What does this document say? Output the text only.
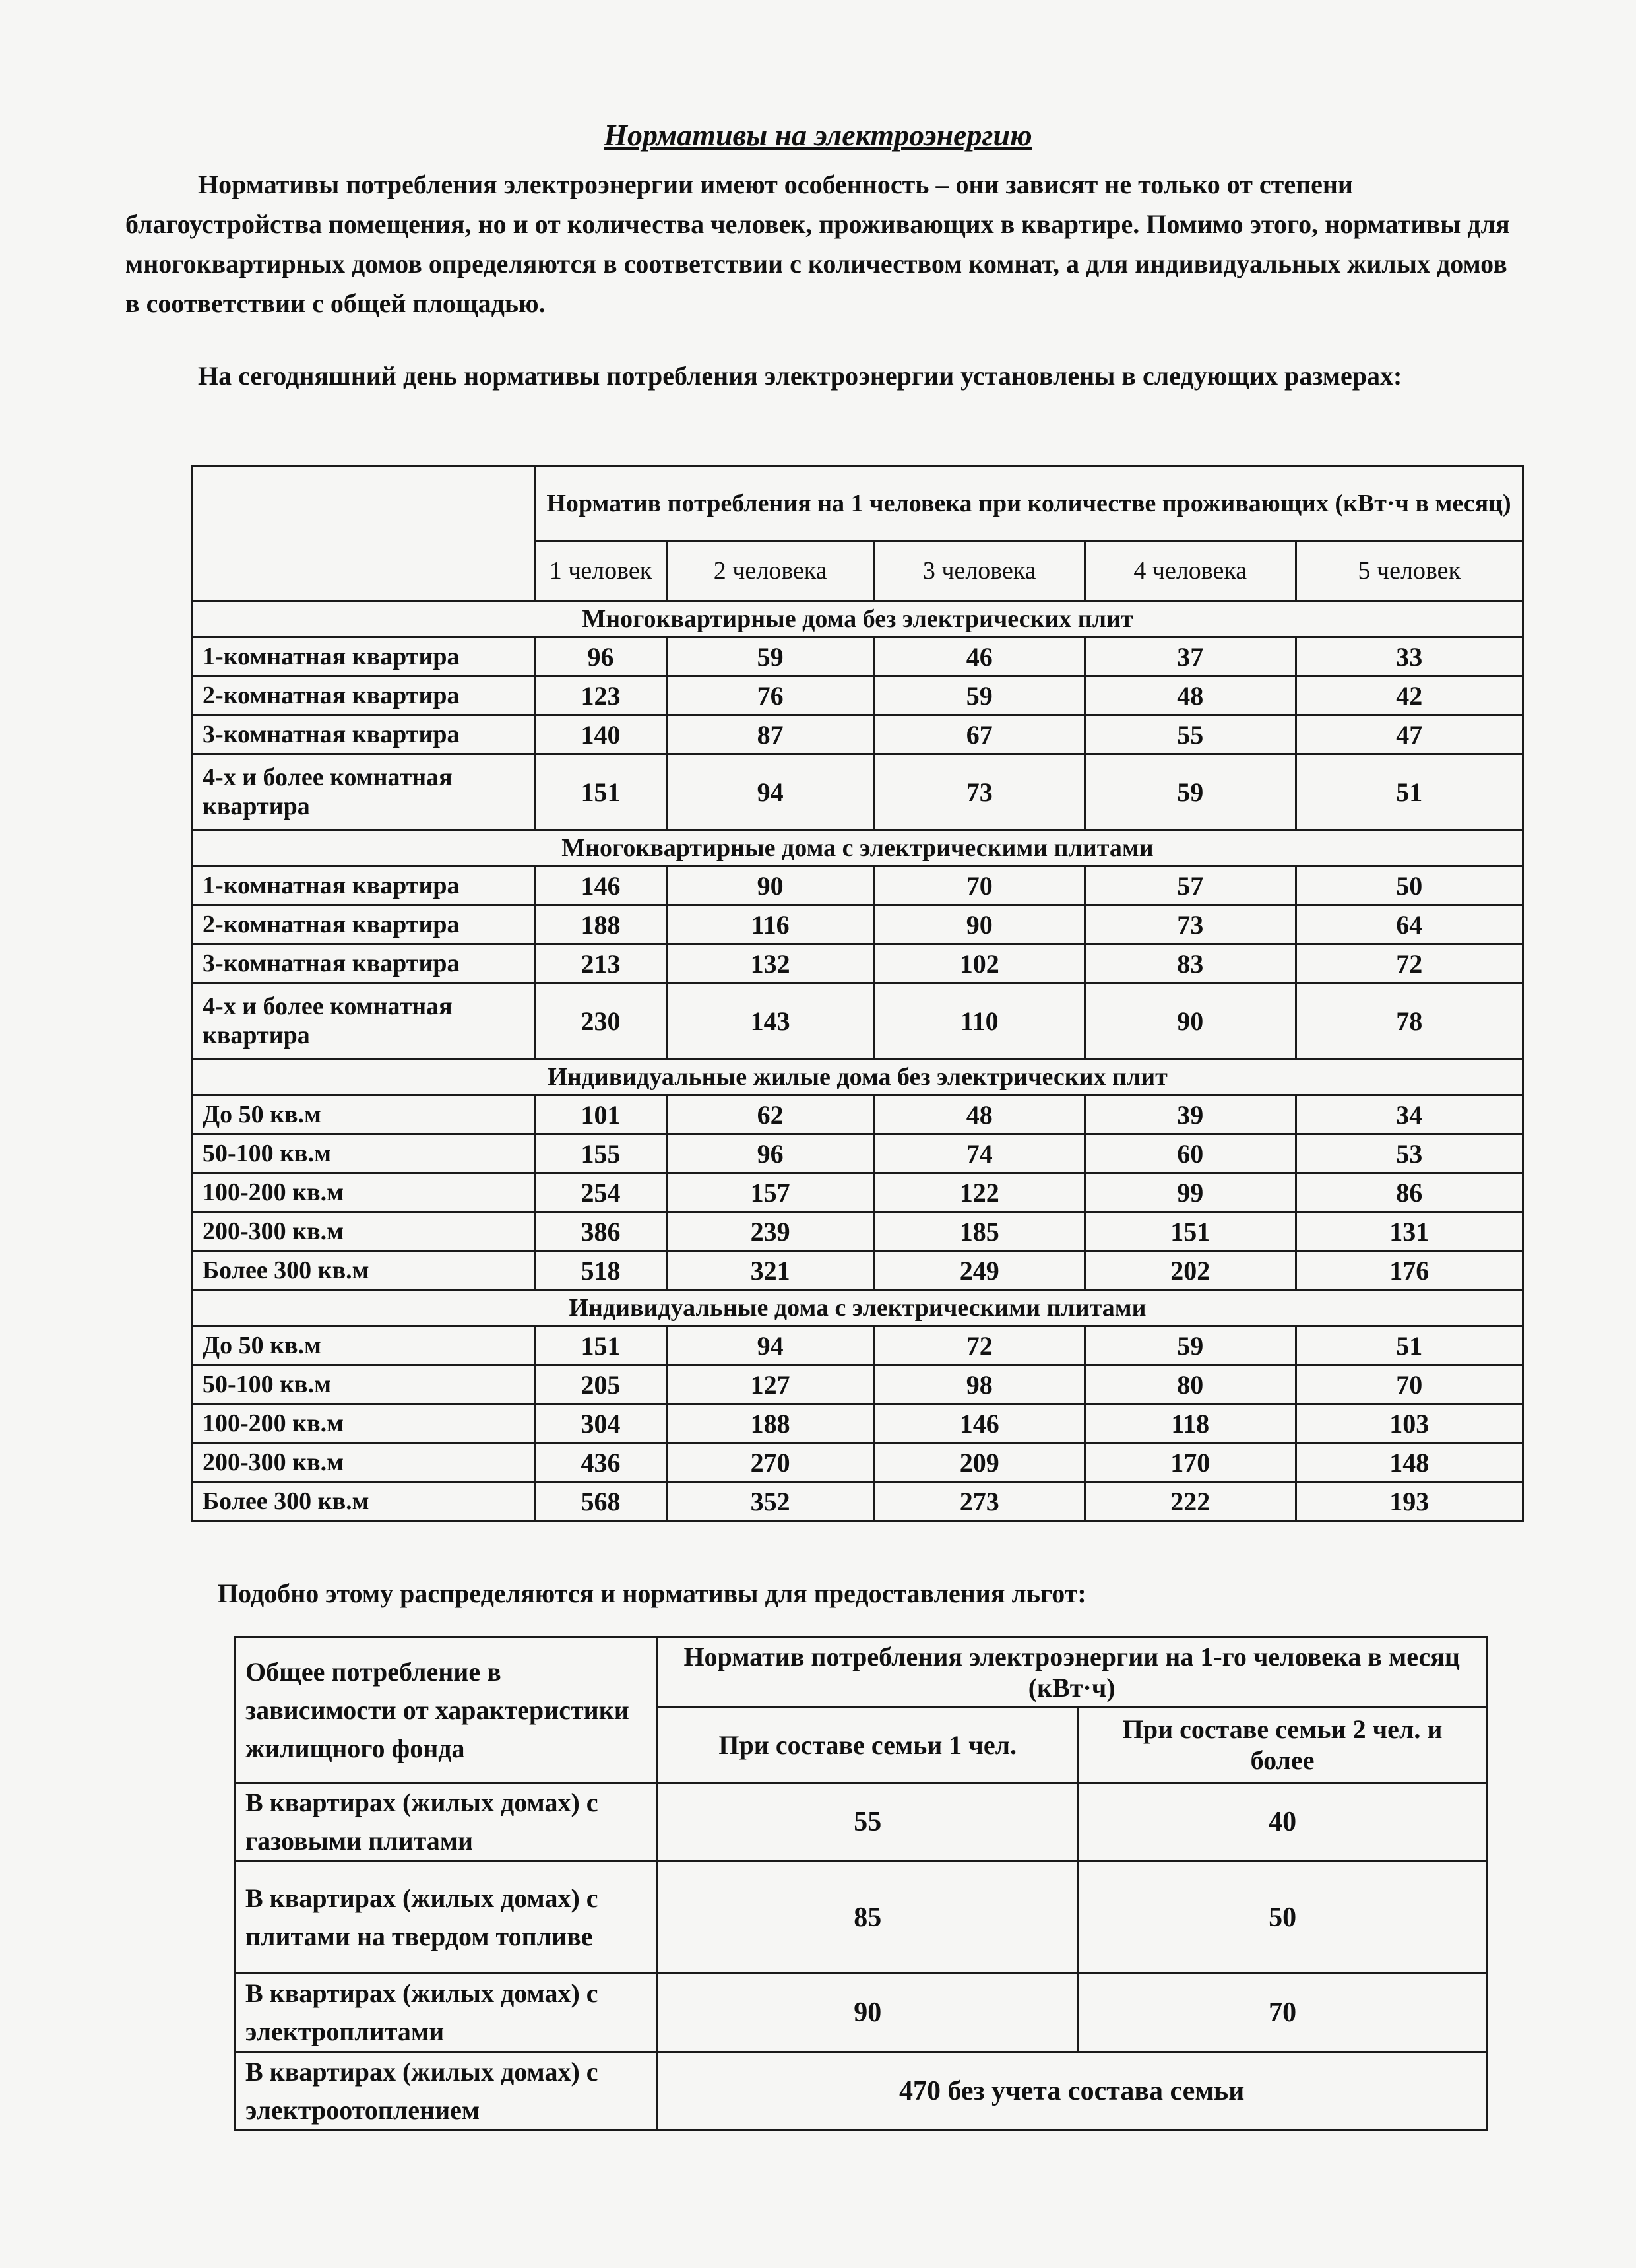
Нормативы на электроэнергию
Нормативы потребления электроэнергии имеют особенность – они зависят не только от степени благоустройства помещения, но и от количества человек, проживающих в квартире. Помимо этого, нормативы для многоквартирных домов определяются в соответствии с количеством комнат, а для индивидуальных жилых домов в соответствии с общей площадью.
На сегодняшний день нормативы потребления электроэнергии установлены в следующих размерах:
	Норматив потребления на 1 человека при количестве проживающих (кВт·ч в месяц)				
	1 человек	2 человека	3 человека	4 человека	5 человек
Многоквартирные дома без электрических плит					
1-комнатная квартира	96	59	46	37	33
2-комнатная квартира	123	76	59	48	42
3-комнатная квартира	140	87	67	55	47
4-х и более комнатная квартира	151	94	73	59	51
Многоквартирные дома с электрическими плитами					
1-комнатная квартира	146	90	70	57	50
2-комнатная квартира	188	116	90	73	64
3-комнатная квартира	213	132	102	83	72
4-х и более комнатная квартира	230	143	110	90	78
Индивидуальные жилые дома без электрических плит					
До 50 кв.м	101	62	48	39	34
50-100 кв.м	155	96	74	60	53
100-200 кв.м	254	157	122	99	86
200-300 кв.м	386	239	185	151	131
Более 300 кв.м	518	321	249	202	176
Индивидуальные дома с электрическими плитами					
До 50 кв.м	151	94	72	59	51
50-100 кв.м	205	127	98	80	70
100-200 кв.м	304	188	146	118	103
200-300 кв.м	436	270	209	170	148
Более 300 кв.м	568	352	273	222	193
Подобно этому распределяются и нормативы для предоставления льгот:
Общее потребление в зависимости от характеристики жилищного фонда	Норматив потребления электроэнергии на 1-го человека в месяц (кВт·ч)	
	При составе семьи 1 чел.	При составе семьи 2 чел. и более
В квартирах (жилых домах) с газовыми плитами	55	40
В квартирах (жилых домах) с плитами на твердом топливе	85	50
В квартирах (жилых домах) с электроплитами	90	70
В квартирах (жилых домах) с электроотоплением	470 без учета состава семьи	
